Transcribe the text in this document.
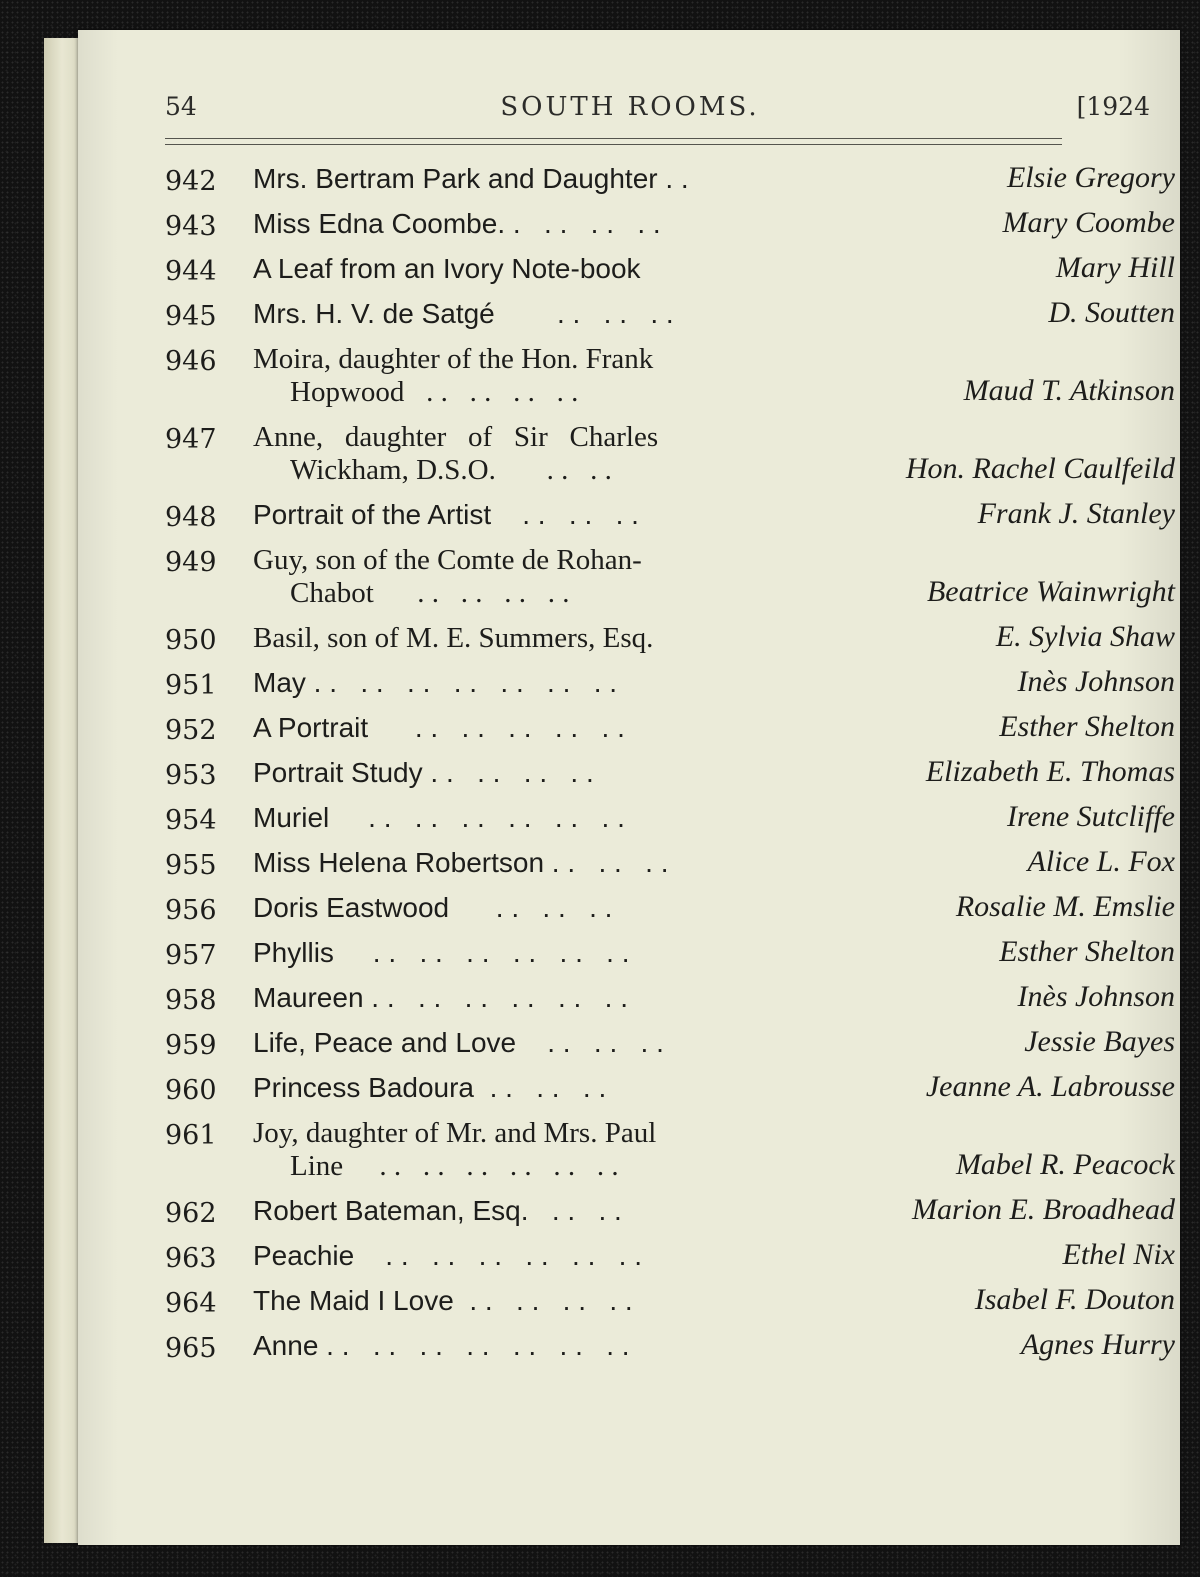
54	SOUTH ROOMS.	[1924
942 Mrs. Bertram Park and Daughter . .	Elsie Gregory
943 Miss Edna Coombe. .   . .   . .   . .	Mary Coombe
944 A Leaf from an Ivory Note-book	Mary Hill
945 Mrs. H. V. de Satgé        . .   . .   . .	D. Soutten
946 Moira, daughter of the Hon. Frank
Hopwood   . .   . .   . .   . .	Maud T. Atkinson
947 Anne,   daughter   of   Sir   Charles
Wickham, D.S.O.       . .   . .	Hon. Rachel Caulfeild
948 Portrait of the Artist    . .   . .   . .	Frank J. Stanley
949 Guy, son of the Comte de Rohan-
Chabot      . .   . .   . .   . .	Beatrice Wainwright
950 Basil, son of M. E. Summers, Esq.	E. Sylvia Shaw
951 May . .   . .   . .   . .   . .   . .   . .	Inès Johnson
952 A Portrait      . .   . .   . .   . .   . .	Esther Shelton
953 Portrait Study . .   . .   . .   . .	Elizabeth E. Thomas
954 Muriel     . .   . .   . .   . .   . .   . .	Irene Sutcliffe
955 Miss Helena Robertson . .   . .   . .	Alice L. Fox
956 Doris Eastwood      . .   . .   . .	Rosalie M. Emslie
957 Phyllis     . .   . .   . .   . .   . .   . .	Esther Shelton
958 Maureen . .   . .   . .   . .   . .   . .	Inès Johnson
959 Life, Peace and Love    . .   . .   . .	Jessie Bayes
960 Princess Badoura  . .   . .   . .	Jeanne A. Labrousse
961 Joy, daughter of Mr. and Mrs. Paul
Line     . .   . .   . .   . .   . .   . .	Mabel R. Peacock
962 Robert Bateman, Esq.   . .   . .	Marion E. Broadhead
963 Peachie    . .   . .   . .   . .   . .   . .	Ethel Nix
964 The Maid I Love  . .   . .   . .   . .	Isabel F. Douton
965 Anne . .   . .   . .   . .   . .   . .   . .	Agnes Hurry
